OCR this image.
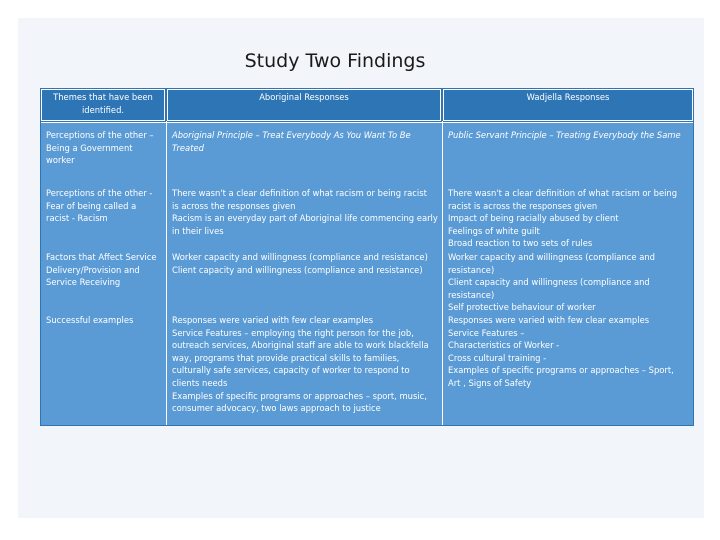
Study Two Findings
Themes that have been identified.
Aboriginal Responses	Wadjella Responses
Perceptions of the other –
Being a Government
worker
Aboriginal Principle – Treat Everybody As You Want To Be
Treated
Public Servant Principle – Treating Everybody the Same
Perceptions of the other -
Fear of being called a
racist - Racism
There wasn't a clear definition of what racism or being racist
is across the responses given
Racism is an everyday part of Aboriginal life commencing early
in their lives
There wasn't a clear definition of what racism or being
racist is across the responses given
Impact of being racially abused by client
Feelings of white guilt
Broad reaction to two sets of rules
Factors that Affect Service
Delivery/Provision and
Service Receiving
Worker capacity and willingness (compliance and resistance)
Client capacity and willingness (compliance and resistance)
Worker capacity and willingness (compliance and
resistance)
Client capacity and willingness (compliance and
resistance)
Self protective behaviour of worker
Successful examples	Responses were varied with few clear examples
Service Features – employing the right person for the job,
outreach services, Aboriginal staff are able to work blackfella
way, programs that provide practical skills to families,
culturally safe services, capacity of worker to respond to
clients needs
Examples of specific programs or approaches – sport, music,
consumer advocacy, two laws approach to justice
Responses were varied with few clear examples
Service Features –
Characteristics of Worker -
Cross cultural training -
Examples of specific programs or approaches – Sport,
Art , Signs of Safety
